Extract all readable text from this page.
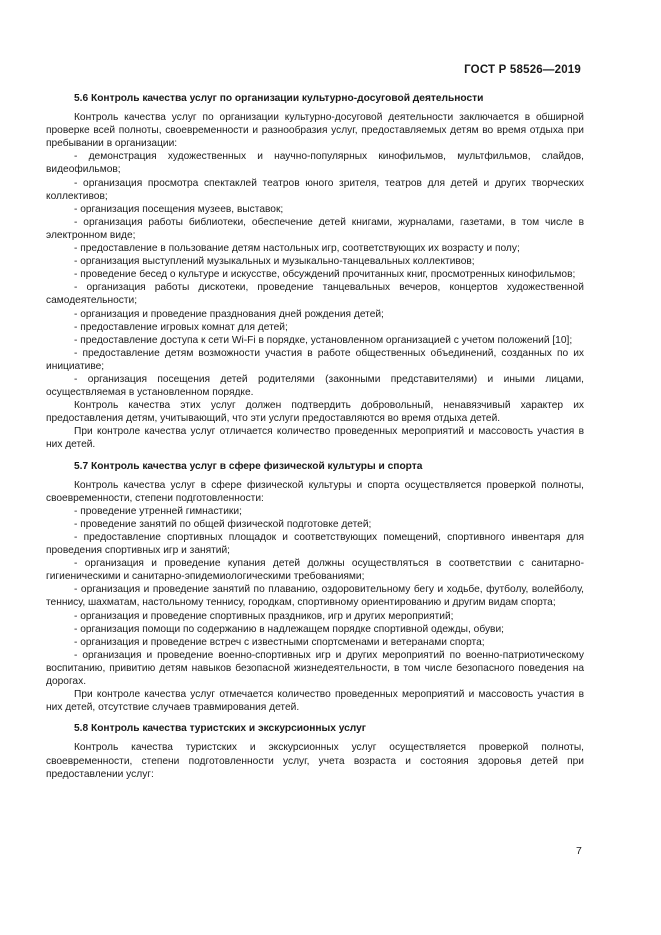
ГОСТ Р 58526—2019
5.6 Контроль качества услуг по организации культурно-досуговой деятельности

Контроль качества услуг по организации культурно-досуговой деятельности заключается в обширной проверке всей полноты, своевременности и разнообразия услуг, предоставляемых детям во время отдыха при пребывании в организации:

- демонстрация художественных и научно-популярных кинофильмов, мультфильмов, слайдов, видеофильмов;

- организация просмотра спектаклей театров юного зрителя, театров для детей и других творческих коллективов;

- организация посещения музеев, выставок;

- организация работы библиотеки, обеспечение детей книгами, журналами, газетами, в том числе в электронном виде;

- предоставление в пользование детям настольных игр, соответствующих их возрасту и полу;

- организация выступлений музыкальных и музыкально-танцевальных коллективов;

- проведение бесед о культуре и искусстве, обсуждений прочитанных книг, просмотренных кинофильмов;

- организация работы дискотеки, проведение танцевальных вечеров, концертов художественной самодеятельности;

- организация и проведение празднования дней рождения детей;

- предоставление игровых комнат для детей;

- предоставление доступа к сети Wi-Fi в порядке, установленном организацией с учетом положений [10];

- предоставление детям возможности участия в работе общественных объединений, созданных по их инициативе;

- организация посещения детей родителями (законными представителями) и иными лицами, осуществляемая в установленном порядке.

Контроль качества этих услуг должен подтвердить добровольный, ненавязчивый характер их предоставления детям, учитывающий, что эти услуги предоставляются во время отдыха детей.

При контроле качества услуг отличается количество проведенных мероприятий и массовость участия в них детей.

5.7 Контроль качества услуг в сфере физической культуры и спорта

Контроль качества услуг в сфере физической культуры и спорта осуществляется проверкой полноты, своевременности, степени подготовленности:

- проведение утренней гимнастики;

- проведение занятий по общей физической подготовке детей;

- предоставление спортивных площадок и соответствующих помещений, спортивного инвентаря для проведения спортивных игр и занятий;

- организация и проведение купания детей должны осуществляться в соответствии с санитарно-гигиеническими и санитарно-эпидемиологическими требованиями;

- организация и проведение занятий по плаванию, оздоровительному бегу и ходьбе, футболу, волейболу, теннису, шахматам, настольному теннису, городкам, спортивному ориентированию и другим видам спорта;

- организация и проведение спортивных праздников, игр и других мероприятий;

- организация помощи по содержанию в надлежащем порядке спортивной одежды, обуви;

- организация и проведение встреч с известными спортсменами и ветеранами спорта;

- организация и проведение военно-спортивных игр и других мероприятий по военно-патриотическому воспитанию, привитию детям навыков безопасной жизнедеятельности, в том числе безопасного поведения на дорогах.

При контроле качества услуг отмечается количество проведенных мероприятий и массовость участия в них детей, отсутствие случаев травмирования детей.

5.8 Контроль качества туристских и экскурсионных услуг

Контроль качества туристских и экскурсионных услуг осуществляется проверкой полноты, своевременности, степени подготовленности услуг, учета возраста и состояния здоровья детей при предоставлении услуг:

7
